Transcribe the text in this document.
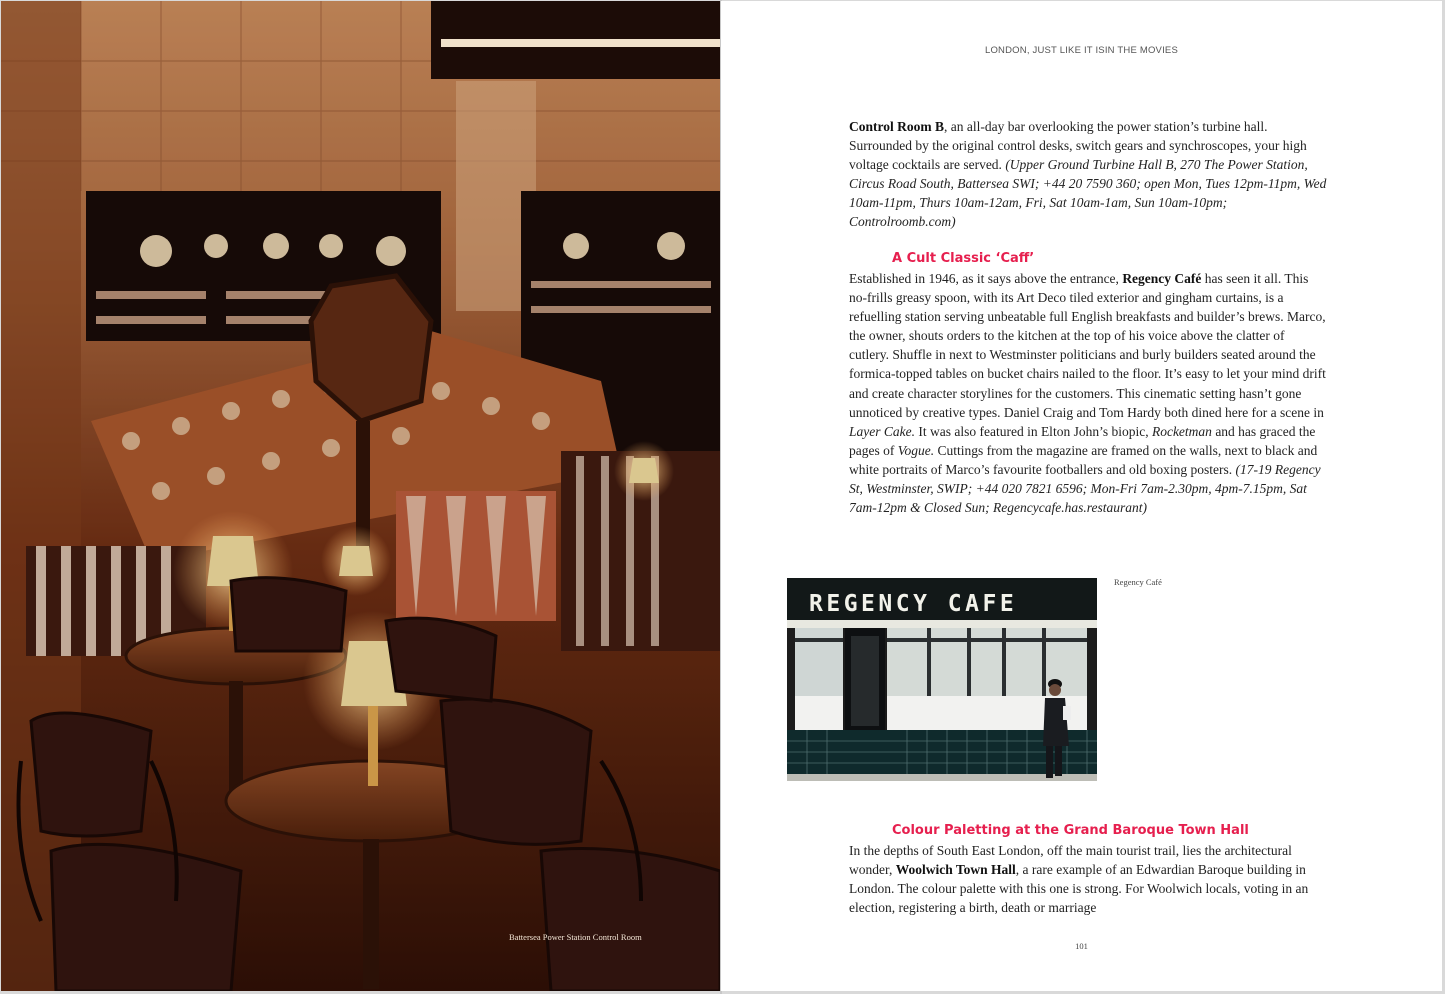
Battersea Power Station Control Room
LONDON, JUST LIKE IT ISIN THE MOVIES
Control Room B, an all-day bar overlooking the power station’s turbine hall. Surrounded by the original control desks, switch gears and synchroscopes, your high voltage cocktails are served. (Upper Ground Turbine Hall B, 270 The Power Station, Circus Road South, Battersea SWI; +44 20 7590 360; open Mon, Tues 12pm-11pm, Wed 10am-11pm, Thurs 10am-12am, Fri, Sat 10am-1am, Sun 10am-10pm; Controlroomb.com)
A Cult Classic ‘Caff’
Established in 1946, as it says above the entrance, Regency Café has seen it all. This no-frills greasy spoon, with its Art Deco tiled exterior and gingham curtains, is a refuelling station serving unbeatable full English breakfasts and builder’s brews. Marco, the owner, shouts orders to the kitchen at the top of his voice above the clatter of cutlery. Shuffle in next to Westminster politicians and burly builders seated around the formica-topped tables on bucket chairs nailed to the floor. It’s easy to let your mind drift and create character storylines for the customers. This cinematic setting hasn’t gone unnoticed by creative types. Daniel Craig and Tom Hardy both dined here for a scene in Layer Cake. It was also featured in Elton John’s biopic, Rocketman and has graced the pages of Vogue. Cuttings from the magazine are framed on the walls, next to black and white portraits of Marco’s favourite footballers and old boxing posters. (17-19 Regency St, Westminster, SWIP; +44 020 7821 6596; Mon-Fri 7am-2.30pm, 4pm-7.15pm, Sat 7am-12pm & Closed Sun; Regencycafe.has.restaurant)
REGENCY CAFE
Regency Café
Colour Paletting at the Grand Baroque Town Hall
In the depths of South East London, off the main tourist trail, lies the architectural wonder, Woolwich Town Hall, a rare example of an Edwardian Baroque building in London. The colour palette with this one is strong. For Woolwich locals, voting in an election, registering a birth, death or marriage
101
